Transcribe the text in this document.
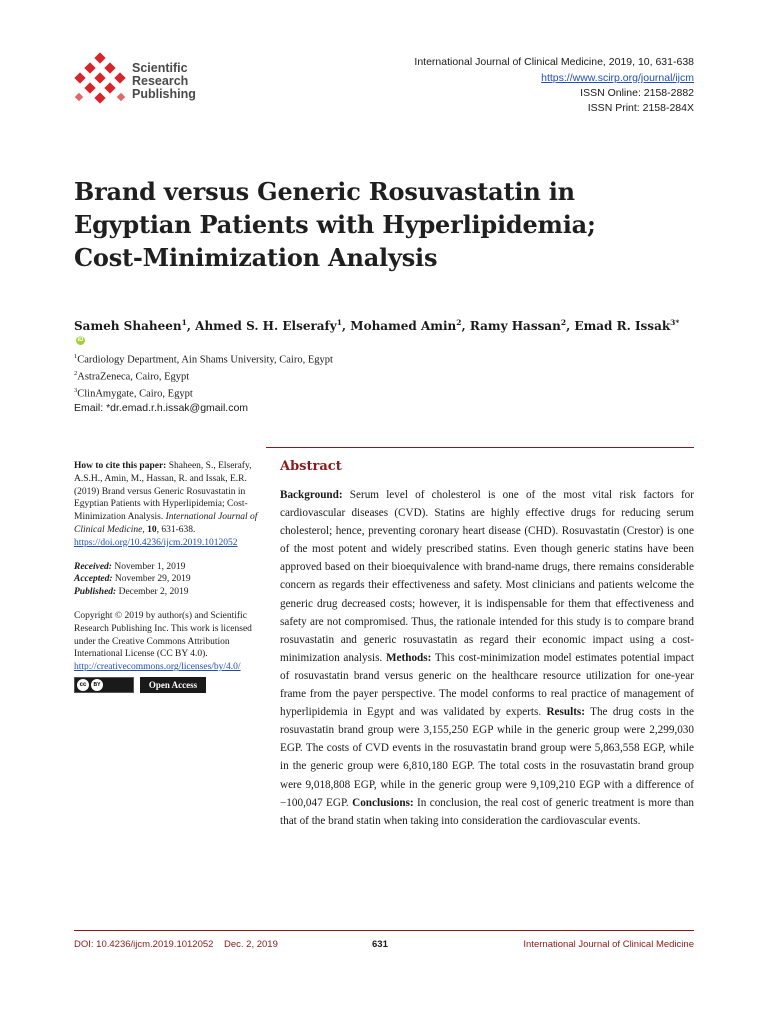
Scientific
Research
Publishing
International Journal of Clinical Medicine, 2019, 10, 631-638
https://www.scirp.org/journal/ijcm
ISSN Online: 2158-2882
ISSN Print: 2158-284X
Brand versus Generic Rosuvastatin in
Egyptian Patients with Hyperlipidemia;
Cost-Minimization Analysis
Sameh Shaheen$^1$, Ahmed S. H. Elserafy$^1$, Mohamed Amin$^2$, Ramy Hassan$^2$, Emad R. Issak$^{3*}$ iD
$^1$Cardiology Department, Ain Shams University, Cairo, Egypt
$^2$AstraZeneca, Cairo, Egypt
$^3$ClinAmygate, Cairo, Egypt
Email: *dr.emad.r.h.issak@gmail.com

How to cite this paper: Shaheen, S., Elserafy, A.S.H., Amin, M., Hassan, R. and Issak, E.R. (2019) Brand versus Generic Rosuvastatin in Egyptian Patients with Hyperlipidemia; Cost-Minimization Analysis. International Journal of Clinical Medicine, 10, 631-638. https://doi.org/10.4236/ijcm.2019.1012052

Received: November 1, 2019

Accepted: November 29, 2019

Published: December 2, 2019

Copyright © 2019 by author(s) and Scientific Research Publishing Inc. This work is licensed under the Creative Commons Attribution International License (CC BY 4.0).

http://creativecommons.org/licenses/by/4.0/

cc	BY	Open Access
Abstract
Background: Serum level of cholesterol is one of the most vital risk factors for cardiovascular diseases (CVD). Statins are highly effective drugs for reducing serum cholesterol; hence, preventing coronary heart disease (CHD). Rosuvastatin (Crestor) is one of the most potent and widely prescribed statins. Even though generic statins have been approved based on their bioequivalence with brand-name drugs, there remains considerable concern as regards their effectiveness and safety. Most clinicians and patients welcome the generic drug decreased costs; however, it is indispensable for them that effectiveness and safety are not compromised. Thus, the rationale intended for this study is to compare brand rosuvastatin and generic rosuvastatin as regard their economic impact using a cost-minimization analysis. Methods: This cost-minimization model estimates potential impact of rosuvastatin brand versus generic on the healthcare resource utilization for one-year frame from the payer perspective. The model conforms to real practice of management of hyperlipidemia in Egypt and was validated by experts. Results: The drug costs in the rosuvastatin brand group were 3,155,250 EGP while in the generic group were 2,299,030 EGP. The costs of CVD events in the rosuvastatin brand group were 5,863,558 EGP, while in the generic group were 6,810,180 EGP. The total costs in the rosuvastatin brand group were 9,018,808 EGP, while in the generic group were 9,109,210 EGP with a difference of −100,047 EGP. Conclusions: In conclusion, the real cost of generic treatment is more than that of the brand statin when taking into consideration the cardiovascular events.
DOI: 10.4236/ijcm.2019.1012052    Dec. 2, 2019	631	International Journal of Clinical Medicine
